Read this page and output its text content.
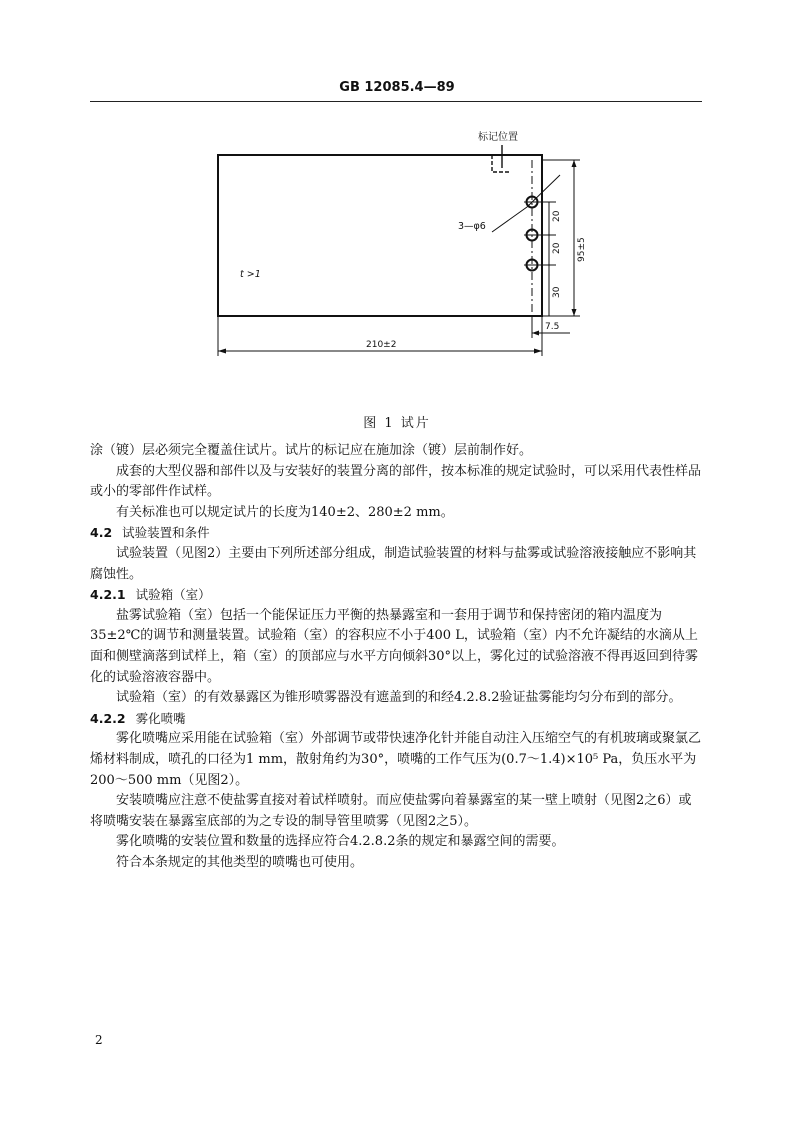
GB 12085.4—89
标记位置
3—φ6
t >1
20
20
30
95±5
7.5
210±2
图 1 试片

涂（镀）层必须完全覆盖住试片。试片的标记应在施加涂（镀）层前制作好。

成套的大型仪器和部件以及与安装好的装置分离的部件，按本标准的规定试验时，可以采用代表性样品或小的零部件作试样。

有关标准也可以规定试片的长度为140±2、280±2 mm。

4.2 试验装置和条件

试验装置（见图2）主要由下列所述部分组成，制造试验装置的材料与盐雾或试验溶液接触应不影响其腐蚀性。

4.2.1 试验箱（室）

盐雾试验箱（室）包括一个能保证压力平衡的热暴露室和一套用于调节和保持密闭的箱内温度为35±2℃的调节和测量装置。试验箱（室）的容积应不小于400 L，试验箱（室）内不允许凝结的水滴从上面和侧壁滴落到试样上，箱（室）的顶部应与水平方向倾斜30°以上，雾化过的试验溶液不得再返回到待雾化的试验溶液容器中。

试验箱（室）的有效暴露区为锥形喷雾器没有遮盖到的和经4.2.8.2验证盐雾能均匀分布到的部分。

4.2.2 雾化喷嘴

雾化喷嘴应采用能在试验箱（室）外部调节或带快速净化针并能自动注入压缩空气的有机玻璃或聚氯乙烯材料制成，喷孔的口径为1 mm，散射角约为30°，喷嘴的工作气压为(0.7～1.4)×10⁵ Pa，负压水平为200～500 mm（见图2）。

安装喷嘴应注意不使盐雾直接对着试样喷射。而应使盐雾向着暴露室的某一壁上喷射（见图2之6）或将喷嘴安装在暴露室底部的为之专设的制导管里喷雾（见图2之5）。

雾化喷嘴的安装位置和数量的选择应符合4.2.8.2条的规定和暴露空间的需要。

符合本条规定的其他类型的喷嘴也可使用。

2
